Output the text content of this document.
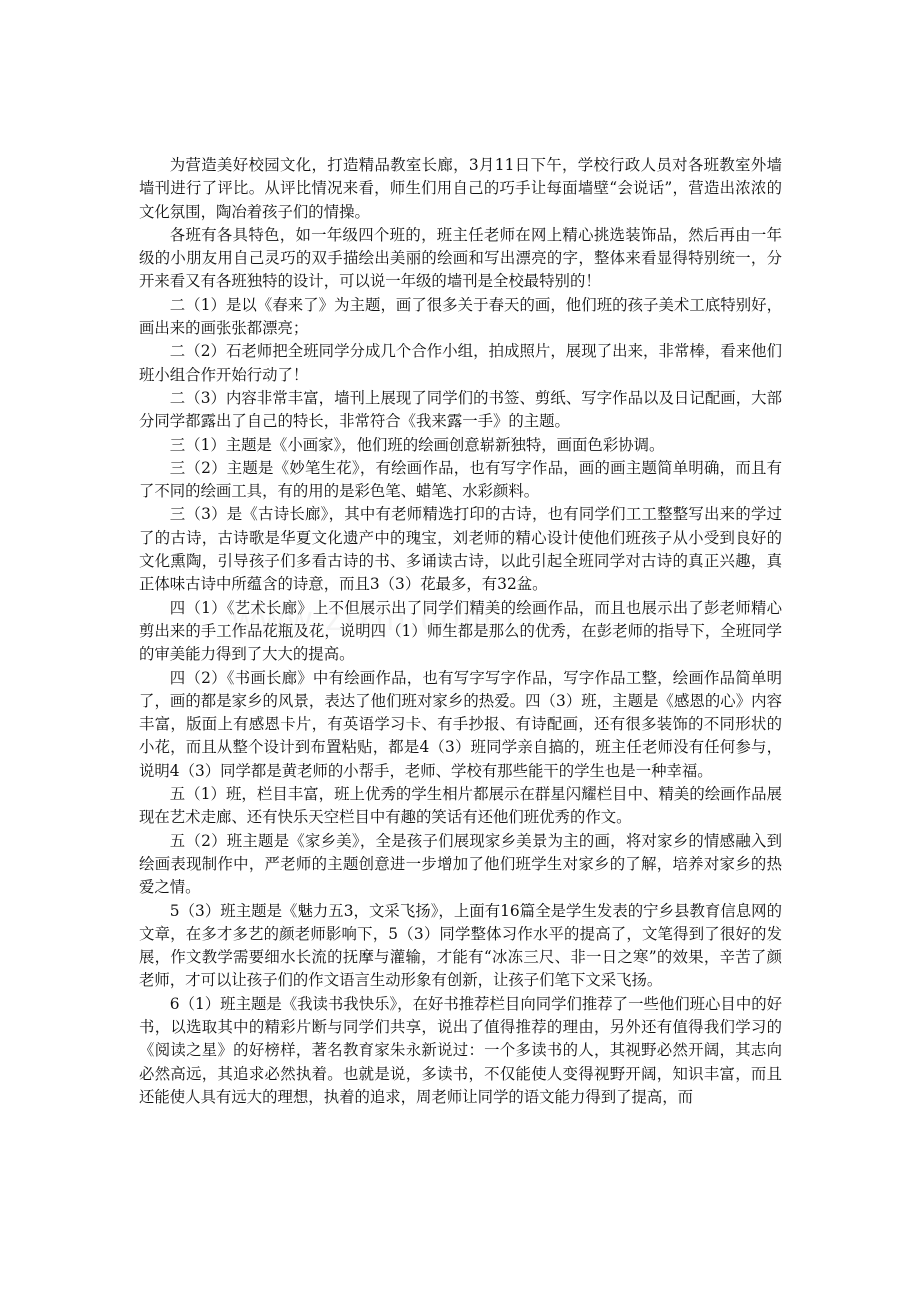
为营造美好校园文化，打造精品教室长廊，3月11日下午，学校行政人员对各班教室外墙墙刊进行了评比。从评比情况来看，师生们用自己的巧手让每面墙壁“会说话”，营造出浓浓的文化氛围，陶冶着孩子们的情操。

各班有各具特色，如一年级四个班的，班主任老师在网上精心挑选装饰品，然后再由一年级的小朋友用自己灵巧的双手描绘出美丽的绘画和写出漂亮的字，整体来看显得特别统一，分开来看又有各班独特的设计，可以说一年级的墙刊是全校最特别的！

二（1）是以《春来了》为主题，画了很多关于春天的画，他们班的孩子美术工底特别好，画出来的画张张都漂亮；

二（2）石老师把全班同学分成几个合作小组，拍成照片，展现了出来，非常棒，看来他们班小组合作开始行动了！

二（3）内容非常丰富，墙刊上展现了同学们的书签、剪纸、写字作品以及日记配画，大部分同学都露出了自己的特长，非常符合《我来露一手》的主题。

三（1）主题是《小画家》，他们班的绘画创意崭新独特，画面色彩协调。

三（2）主题是《妙笔生花》，有绘画作品，也有写字作品，画的画主题简单明确，而且有了不同的绘画工具，有的用的是彩色笔、蜡笔、水彩颜料。

三（3）是《古诗长廊》，其中有老师精选打印的古诗，也有同学们工工整整写出来的学过了的古诗，古诗歌是华夏文化遗产中的瑰宝，刘老师的精心设计使他们班孩子从小受到良好的文化熏陶，引导孩子们多看古诗的书、多诵读古诗，以此引起全班同学对古诗的真正兴趣，真正体味古诗中所蕴含的诗意，而且3（3）花最多，有32盆。

四（1）《艺术长廊》上不但展示出了同学们精美的绘画作品，而且也展示出了彭老师精心剪出来的手工作品花瓶及花，说明四（1）师生都是那么的优秀，在彭老师的指导下，全班同学的审美能力得到了大大的提高。

四（2）《书画长廊》中有绘画作品，也有写字写字作品，写字作品工整，绘画作品简单明了，画的都是家乡的风景，表达了他们班对家乡的热爱。四（3）班，主题是《感恩的心》内容丰富，版面上有感恩卡片，有英语学习卡、有手抄报、有诗配画，还有很多装饰的不同形状的小花，而且从整个设计到布置粘贴，都是4（3）班同学亲自搞的，班主任老师没有任何参与，说明4（3）同学都是黄老师的小帮手，老师、学校有那些能干的学生也是一种幸福。

五（1）班，栏目丰富，班上优秀的学生相片都展示在群星闪耀栏目中、精美的绘画作品展现在艺术走廊、还有快乐天空栏目中有趣的笑话有还他们班优秀的作文。

五（2）班主题是《家乡美》，全是孩子们展现家乡美景为主的画，将对家乡的情感融入到绘画表现制作中，严老师的主题创意进一步增加了他们班学生对家乡的了解，培养对家乡的热爱之情。

5（3）班主题是《魅力五3，文采飞扬》，上面有16篇全是学生发表的宁乡县教育信息网的文章，在多才多艺的颜老师影响下，5（3）同学整体习作水平的提高了，文笔得到了很好的发展，作文教学需要细水长流的抚摩与灌输，才能有“冰冻三尺、非一日之寒”的效果，辛苦了颜老师，才可以让孩子们的作文语言生动形象有创新，让孩子们笔下文采飞扬。

6（1）班主题是《我读书我快乐》，在好书推荐栏目向同学们推荐了一些他们班心目中的好书，以选取其中的精彩片断与同学们共享，说出了值得推荐的理由，另外还有值得我们学习的《阅读之星》的好榜样，著名教育家朱永新说过：一个多读书的人，其视野必然开阔，其志向必然高远，其追求必然执着。也就是说，多读书，不仅能使人变得视野开阔，知识丰富，而且还能使人具有远大的理想，执着的追求，周老师让同学的语文能力得到了提高，而
